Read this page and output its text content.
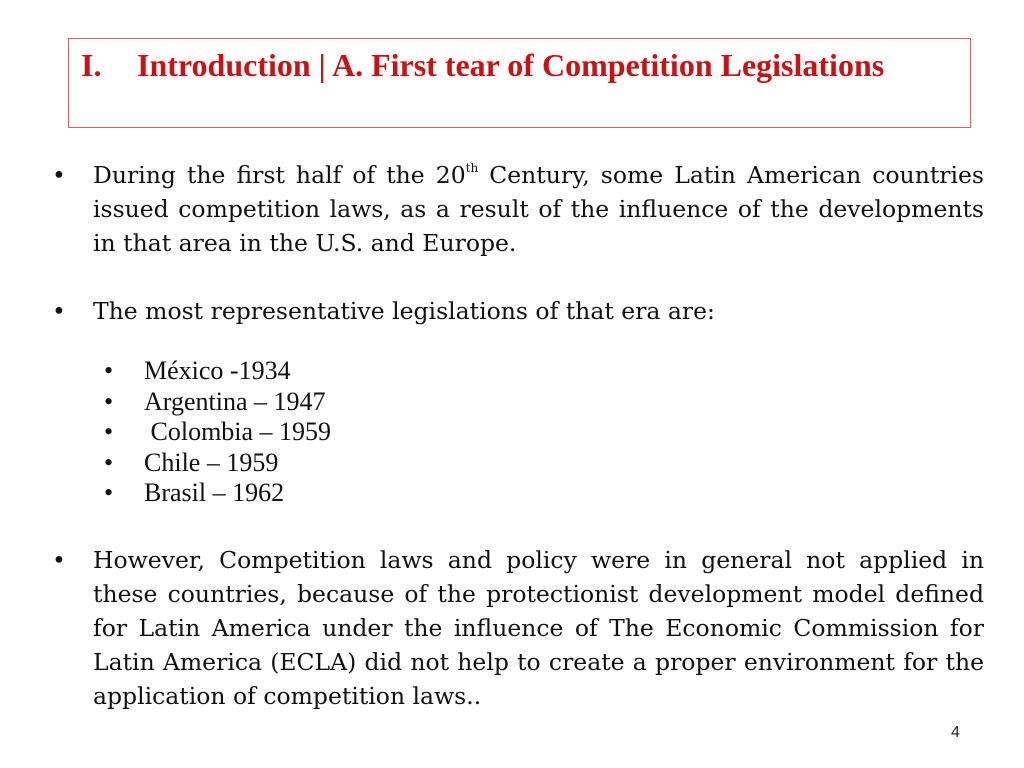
I. Introduction | A. First tear of Competition Legislations
• During the first half of the 20th Century, some Latin American countries issued competition laws, as a result of the influence of the developments in that area in the U.S. and Europe.
• The most representative legislations of that era are:
• México -1934
• Argentina – 1947
• Colombia – 1959
• Chile – 1959
• Brasil – 1962
• However, Competition laws and policy were in general not applied in these countries, because of the protectionist development model defined for Latin America under the influence of The Economic Commission for Latin America (ECLA) did not help to create a proper environment for the application of competition laws..
4
